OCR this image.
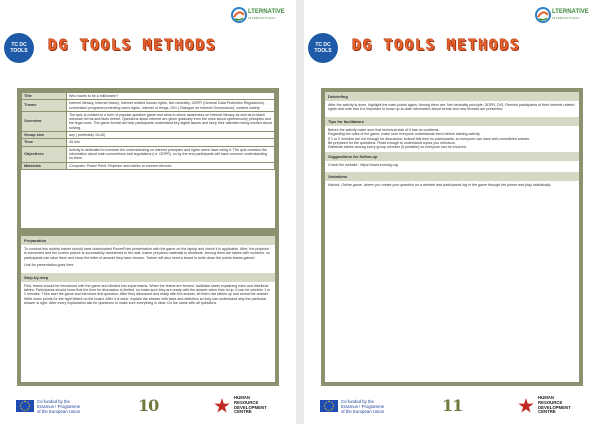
TC DC
TOOLS
LTERNATIVE
INTERNATIONAL
DG TOOLS METHODS
Title	Who wants to be a millionaire?
Theme	Internet literacy, Internet history, Internet related human rights, Net neutrality, GDPR (General Data Protection Regulations), convention/ programs protecting users rights, internet of things, DIG ( Dialogue on Internet Governance), content variety.
Overview	The quiz is created in a form of popular question game and aims to check awareness on internet literacy as well as to teach unknown terms and facts before. Questions about internet are given gradually from the ones about cybersecurity principles and the legal ones. The game format will help participants understand key digital issues and keep their attention being excited about solving.
Group size	any ( preferably 15-40)
Time	45 min
Objectives	Activity is dedicated to increase the understanding on internet principles and rights users have using it. The quiz contains the information about main conventions and regulations (i.e. GDPR), so by the end participants will have common understanding on them.
Materials	Computer, Power Point, Projector and cables to connect devices
Preparation

To conduct this activity trainer should have downloaded PowerPoint presentation with the game on the laptop and check it is applicable. After, the projector is connected and the screen picture is successfully transferred to the wall, trainer prepares materials to distribute. Among them are tables with numbers, so participants can raise them and show the letter of answer they have chosen. Trainer will also need a board to write down the points teams gained.

Link for presentation goes here

Step-by-step

First, teams should be introduced with the game and divided into equal teams. When the teams are formed, facilitator starts explaining rules and distribute tables. Participants should know that the time for discussion is limited, so make sure they are ready with the answer when time is up. It can be whether 1 or 2 minutes. Then start the game and introduce first question. After they discussed and ready with the answer, let them rise tables up and reveal the answer. Write down points for the right letters on the board. After it is done, explain the answer with facts and definition so they can understand why the particular answer is right. After every explanation ask for questions to make sure everything is clear. Do the same with all questions.

Co-funded by the
Erasmus+ Programme
of the European Union	10	HUMAN
RESOURCE
DEVELOPMENT
CENTRE
TC DC
TOOLS
LTERNATIVE
INTERNATIONAL
DG TOOLS METHODS
Debriefing

After the activity is done, highlight the main points again. Among them are: Net neutrality principle, GDPR, DIG. Remind participants of their Internet-related rights and note that it is important to know up-to-date information about trends and new threads are presented.

Tips for facilitators
Before the activity make sure that technical side of it has no problems.
Regarding the rules of the game, make sure everyone understands them before starting activity.
If 1 or 2 minutes are not enough for discussion, extend this time for participants, so everyone can have well-considered answer.
Be prepared for the questions. Read enough to understand topics you introduce.
Distribute tables among every group member (if possible) so everyone can be involved.
Suggestions for follow-up

Check the website : https://www.eurodig.org

Variations

Kahoot. Online game, where you create your question on a website and participants log in the game through the phone and play individually.

Co-funded by the
Erasmus+ Programme
of the European Union	11	HUMAN
RESOURCE
DEVELOPMENT
CENTRE
